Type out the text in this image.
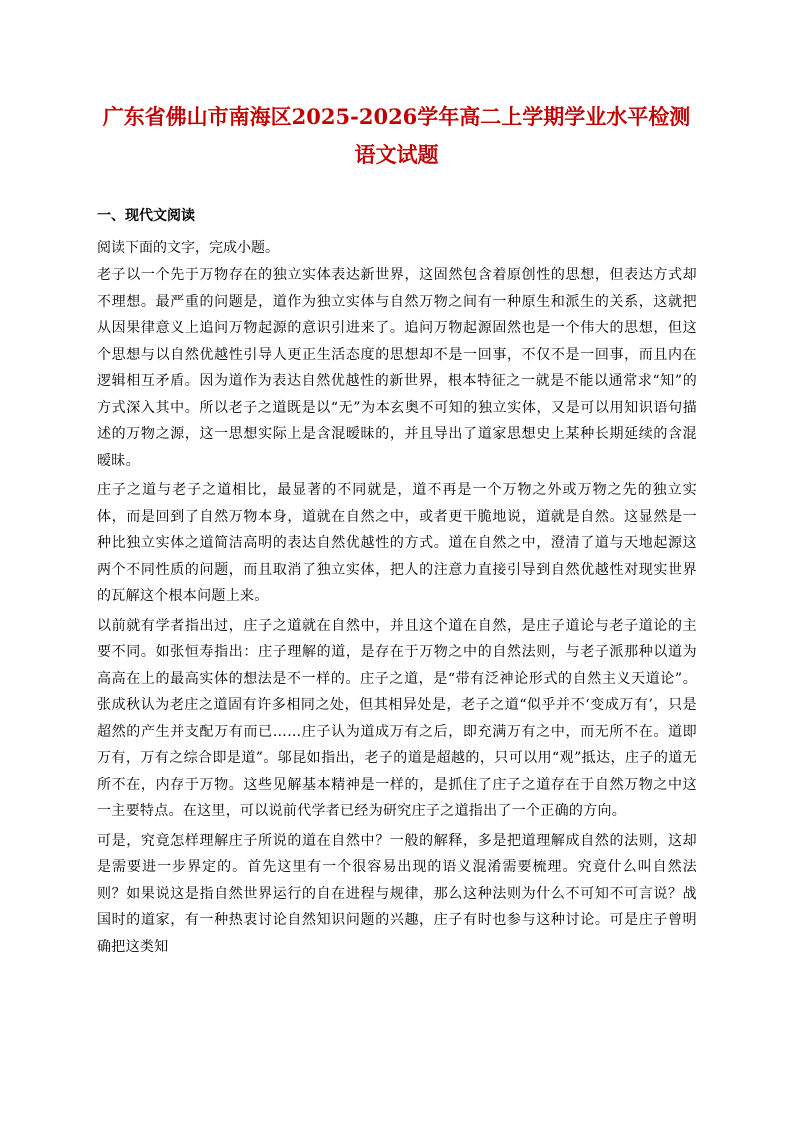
广东省佛山市南海区2025-2026学年高二上学期学业水平检测语文试题
一、现代文阅读

阅读下面的文字，完成小题。

老子以一个先于万物存在的独立实体表达新世界，这固然包含着原创性的思想，但表达方式却不理想。最严重的问题是，道作为独立实体与自然万物之间有一种原生和派生的关系，这就把从因果律意义上追问万物起源的意识引进来了。追问万物起源固然也是一个伟大的思想，但这个思想与以自然优越性引导人更正生活态度的思想却不是一回事，不仅不是一回事，而且内在逻辑相互矛盾。因为道作为表达自然优越性的新世界，根本特征之一就是不能以通常求“知”的方式深入其中。所以老子之道既是以“无”为本玄奥不可知的独立实体，又是可以用知识语句描述的万物之源，这一思想实际上是含混暧昧的，并且导出了道家思想史上某种长期延续的含混暧昧。

庄子之道与老子之道相比，最显著的不同就是，道不再是一个万物之外或万物之先的独立实体，而是回到了自然万物本身，道就在自然之中，或者更干脆地说，道就是自然。这显然是一种比独立实体之道简洁高明的表达自然优越性的方式。道在自然之中，澄清了道与天地起源这两个不同性质的问题，而且取消了独立实体，把人的注意力直接引导到自然优越性对现实世界的瓦解这个根本问题上来。

以前就有学者指出过，庄子之道就在自然中，并且这个道在自然，是庄子道论与老子道论的主要不同。如张恒寿指出：庄子理解的道，是存在于万物之中的自然法则，与老子派那种以道为高高在上的最高实体的想法是不一样的。庄子之道，是“带有泛神论形式的自然主义天道论”。张成秋认为老庄之道固有许多相同之处，但其相异处是，老子之道“似乎并不‘变成万有’，只是超然的产生并支配万有而已……庄子认为道成万有之后，即充满万有之中，而无所不在。道即万有，万有之综合即是道”。邬昆如指出，老子的道是超越的，只可以用“观”抵达，庄子的道无所不在，内存于万物。这些见解基本精神是一样的，是抓住了庄子之道存在于自然万物之中这一主要特点。在这里，可以说前代学者已经为研究庄子之道指出了一个正确的方向。

可是，究竟怎样理解庄子所说的道在自然中？一般的解释，多是把道理解成自然的法则，这却是需要进一步界定的。首先这里有一个很容易出现的语义混淆需要梳理。究竟什么叫自然法则？如果说这是指自然世界运行的自在进程与规律，那么这种法则为什么不可知不可言说？战国时的道家，有一种热衷讨论自然知识问题的兴趣，庄子有时也参与这种讨论。可是庄子曾明确把这类知
